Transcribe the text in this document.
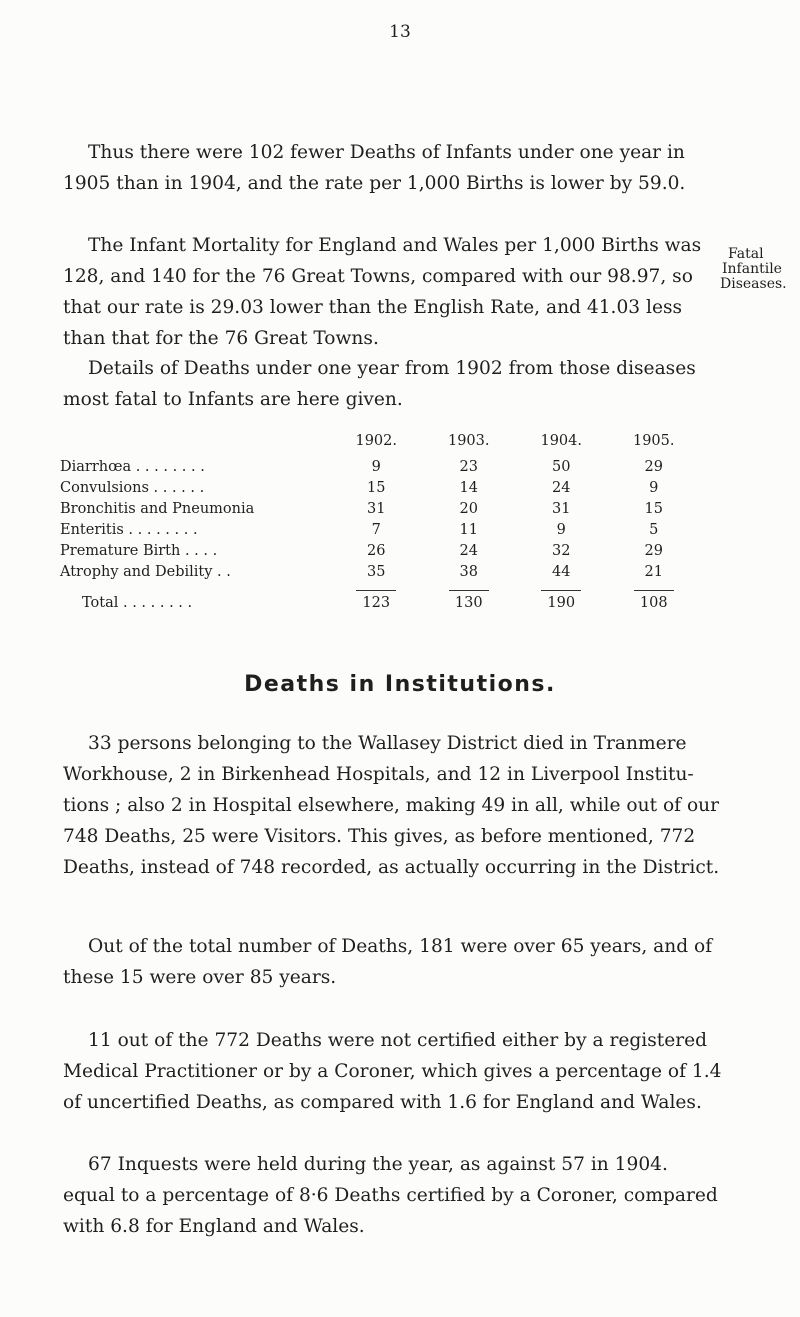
13

Thus there were 102 fewer Deaths of Infants under one year in 1905 than in 1904, and the rate per 1,000 Births is lower by 59.0.

The Infant Mortality for England and Wales per 1,000 Births was 128, and 140 for the 76 Great Towns, compared with our 98.97, so that our rate is 29.03 lower than the English Rate, and 41.03 less than that for the 76 Great Towns.

Fatal
Infantile
Diseases.

Details of Deaths under one year from 1902 from those diseases most fatal to Infants are here given.

	1902.	1903.	1904.	1905.
Diarrhœa . . . . . . . .	9	23	50	29
Convulsions . . . . . .	15	14	24	9
Bronchitis and Pneumonia	31	20	31	15
Enteritis . . . . . . . .	7	11	9	5
Premature Birth . . . .	26	24	32	29
Atrophy and Debility . .	35	38	44	21
Total . . . . . . . .	123	130	190	108
Deaths in Institutions.

33 persons belonging to the Wallasey District died in Tranmere Workhouse, 2 in Birkenhead Hospitals, and 12 in Liverpool Institu- tions ; also 2 in Hospital elsewhere, making 49 in all, while out of our 748 Deaths, 25 were Visitors. This gives, as before mentioned, 772 Deaths, instead of 748 recorded, as actually occurring in the District.

Out of the total number of Deaths, 181 were over 65 years, and of these 15 were over 85 years.

11 out of the 772 Deaths were not certified either by a registered Medical Practitioner or by a Coroner, which gives a percentage of 1.4 of uncertified Deaths, as compared with 1.6 for England and Wales.

67 Inquests were held during the year, as against 57 in 1904. equal to a percentage of 8·6 Deaths certified by a Coroner, compared with 6.8 for England and Wales.
